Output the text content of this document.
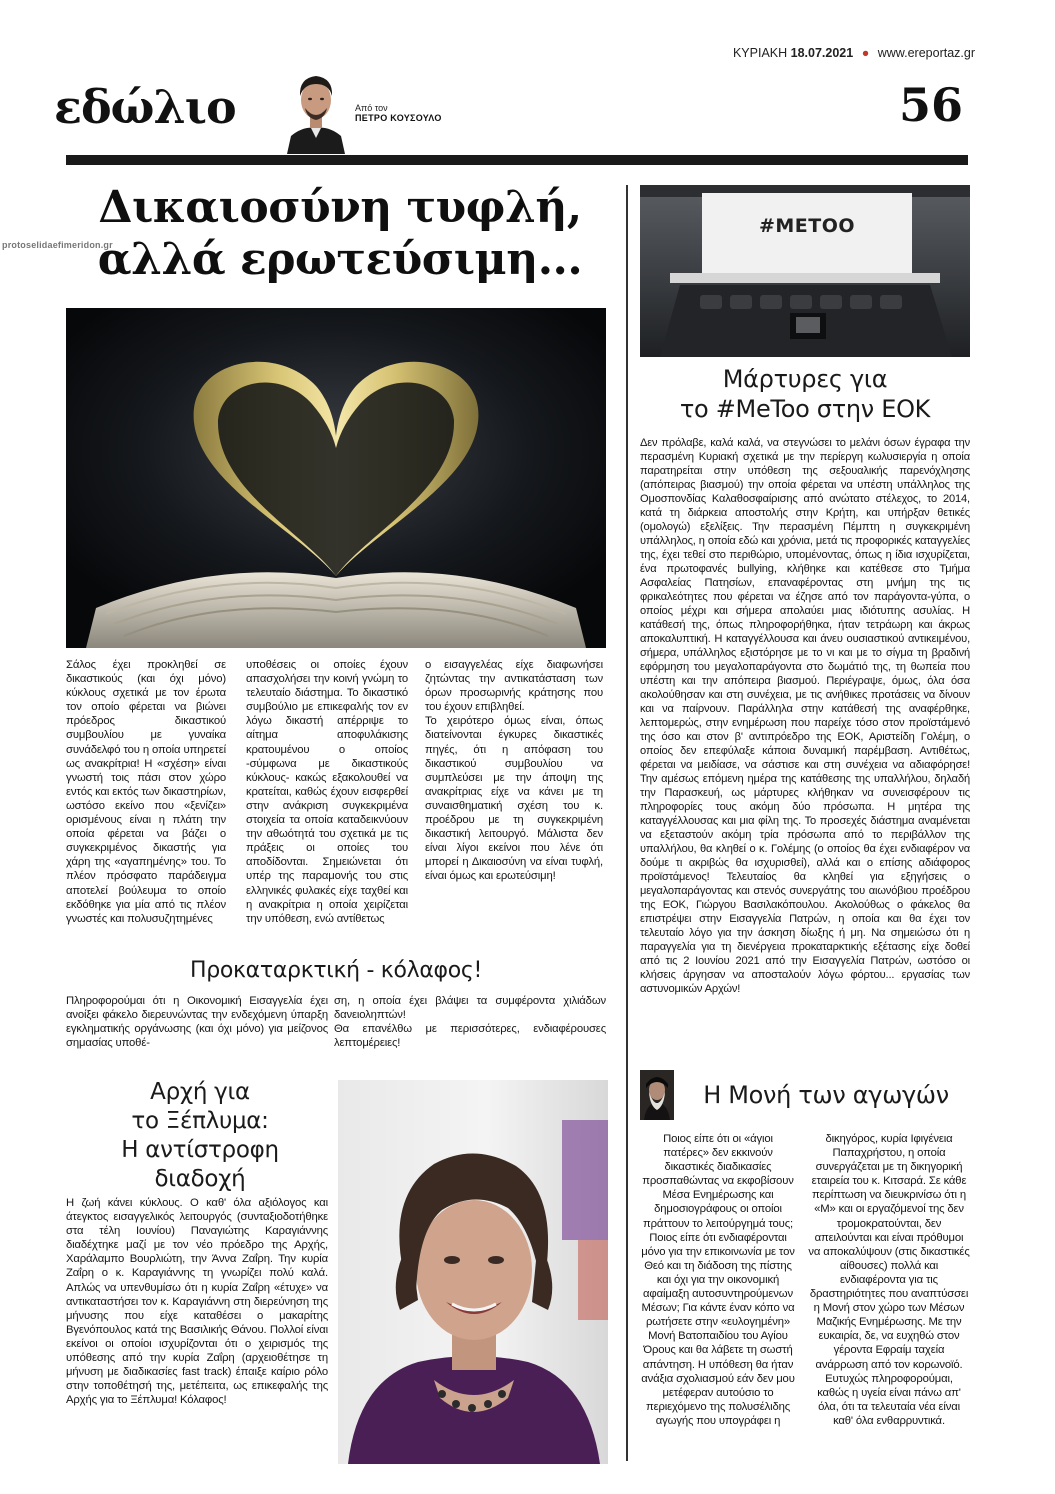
protoselidaefimeridon.gr
ΚΥΡΙΑΚΗ 18.07.2021 ● www.ereportaz.gr
εδώλιο	Από τον
ΠΕΤΡΟ ΚΟΥΣΟΥΛΟ	56
Δικαιοσύνη τυφλή,
αλλά ερωτεύσιμη...

Σάλος έχει προκληθεί σε δικαστικούς (και όχι μόνο) κύκλους σχετικά με τον έρωτα τον οποίο φέρεται να βιώνει πρόεδρος δικαστικού συμβουλίου με γυναίκα συνάδελφό του η οποία υπηρετεί ως ανακρίτρια! Η «σχέση» είναι γνωστή τοις πάσι στον χώρο εντός και εκτός των δικαστηρίων, ωστόσο εκείνο που «ξενίζει» ορισμένους είναι η πλάτη την οποία φέρεται να βάζει ο συγκεκριμένος δικαστής για χάρη της «αγαπημένης» του. Το πλέον πρόσφατο παράδειγμα αποτελεί βούλευμα το οποίο εκδόθηκε για μία από τις πλέον γνωστές και πολυσυζητημένες

υποθέσεις οι οποίες έχουν απασχολήσει την κοινή γνώμη το τελευταίο διάστημα. Το δικαστικό συμβούλιο με επικεφαλής τον εν λόγω δικαστή απέρριψε το αίτημα αποφυλάκισης κρατουμένου ο οποίος -σύμφωνα με δικαστικούς κύκλους- κακώς εξακολουθεί να κρατείται, καθώς έχουν εισφερθεί στην ανάκριση συγκεκριμένα στοιχεία τα οποία καταδεικνύουν την αθωότητά του σχετικά με τις πράξεις οι οποίες του αποδίδονται. Σημειώνεται ότι υπέρ της παραμονής του στις ελληνικές φυλακές είχε ταχθεί και η ανακρίτρια η οποία χειρίζεται την υπόθεση, ενώ αντίθετως

ο εισαγγελέας είχε διαφωνήσει ζητώντας την αντικατάσταση των όρων προσωρινής κράτησης που του έχουν επιβληθεί.

Το χειρότερο όμως είναι, όπως διατείνονται έγκυρες δικαστικές πηγές, ότι η απόφαση του δικαστικού συμβουλίου να συμπλεύσει με την άποψη της ανακρίτριας είχε να κάνει με τη συναισθηματική σχέση του κ. προέδρου με τη συγκεκριμένη δικαστική λειτουργό. Μάλιστα δεν είναι λίγοι εκείνοι που λένε ότι μπορεί η Δικαιοσύνη να είναι τυφλή, είναι όμως και ερωτεύσιμη!

Προκαταρκτική - κόλαφος!

Πληροφορούμαι ότι η Οικονομική Εισαγγελία έχει ανοίξει φάκελο διερευνώντας την ενδεχόμενη ύπαρξη εγκληματικής οργάνωσης (και όχι μόνο) για μείζονος σημασίας υποθέ-

ση, η οποία έχει βλάψει τα συμφέροντα χιλιάδων δανειοληπτών!

Θα επανέλθω με περισσότερες, ενδιαφέρουσες λεπτομέρειες!

Αρχή για
το Ξέπλυμα:
Η αντίστροφη
διαδοχή

Η ζωή κάνει κύκλους. Ο καθ' όλα αξιόλογος και άτεγκτος εισαγγελικός λειτουργός (συνταξιοδοτήθηκε στα τέλη Ιουνίου) Παναγιώτης Καραγιάννης διαδέχτηκε μαζί με τον νέο πρόεδρο της Αρχής, Χαράλαμπο Βουρλιώτη, την Άννα Ζαΐρη. Την κυρία Ζαΐρη ο κ. Καραγιάννης τη γνωρίζει πολύ καλά. Απλώς να υπενθυμίσω ότι η κυρία Ζαΐρη «έτυχε» να αντικαταστήσει τον κ. Καραγιάννη στη διερεύνηση της μήνυσης που είχε καταθέσει ο μακαρίτης Βγενόπουλος κατά της Βασιλικής Θάνου. Πολλοί είναι εκείνοι οι οποίοι ισχυρίζονται ότι ο χειρισμός της υπόθεσης από την κυρία Ζαΐρη (αρχειοθέτησε τη μήνυση με διαδικασίες fast track) έπαιξε καίριο ρόλο στην τοποθέτησή της, μετέπειτα, ως επικεφαλής της Αρχής για το Ξέπλυμα! Κόλαφος!

#METOO
Μάρτυρες για
το #MeToo στην ΕΟΚ

Δεν πρόλαβε, καλά καλά, να στεγνώσει το μελάνι όσων έγραφα την περασμένη Κυριακή σχετικά με την περίεργη κωλυσιεργία η οποία παρατηρείται στην υπόθεση της σεξουαλικής παρενόχλησης (απόπειρας βιασμού) την οποία φέρεται να υπέστη υπάλληλος της Ομοσπονδίας Καλαθοσφαίρισης από ανώτατο στέλεχος, το 2014, κατά τη διάρκεια αποστολής στην Κρήτη, και υπήρξαν θετικές (ομολογώ) εξελίξεις. Την περασμένη Πέμπτη η συγκεκριμένη υπάλληλος, η οποία εδώ και χρόνια, μετά τις προφορικές καταγγελίες της, έχει τεθεί στο περιθώριο, υπομένοντας, όπως η ίδια ισχυρίζεται, ένα πρωτοφανές bullying, κλήθηκε και κατέθεσε στο Τμήμα Ασφαλείας Πατησίων, επαναφέροντας στη μνήμη της τις φρικαλεότητες που φέρεται να έζησε από τον παράγοντα-γύπα, ο οποίος μέχρι και σήμερα απολαύει μιας ιδιότυπης ασυλίας. Η κατάθεσή της, όπως πληροφορήθηκα, ήταν τετράωρη και άκρως αποκαλυπτική. Η καταγγέλλουσα και άνευ ουσιαστικού αντικειμένου, σήμερα, υπάλληλος εξιστόρησε με το νι και με το σίγμα τη βραδινή εφόρμηση του μεγαλοπαράγοντα στο δωμάτιό της, τη θωπεία που υπέστη και την απόπειρα βιασμού. Περιέγραψε, όμως, όλα όσα ακολούθησαν και στη συνέχεια, με τις ανήθικες προτάσεις να δίνουν και να παίρνουν. Παράλληλα στην κατάθεσή της αναφέρθηκε, λεπτομερώς, στην ενημέρωση που παρείχε τόσο στον προϊστάμενό της όσο και στον β' αντιπρόεδρο της ΕΟΚ, Αριστείδη Γολέμη, ο οποίος δεν επεφύλαξε κάποια δυναμική παρέμβαση. Αντιθέτως, φέρεται να μειδίασε, να σάστισε και στη συνέχεια να αδιαφόρησε! Την αμέσως επόμενη ημέρα της κατάθεσης της υπαλλήλου, δηλαδή την Παρασκευή, ως μάρτυρες κλήθηκαν να συνεισφέρουν τις πληροφορίες τους ακόμη δύο πρόσωπα. Η μητέρα της καταγγέλλουσας και μια φίλη της. Το προσεχές διάστημα αναμένεται να εξεταστούν ακόμη τρία πρόσωπα από το περιβάλλον της υπαλλήλου, θα κληθεί ο κ. Γολέμης (ο οποίος θα έχει ενδιαφέρον να δούμε τι ακριβώς θα ισχυρισθεί), αλλά και ο επίσης αδιάφορος προϊστάμενος! Τελευταίος θα κληθεί για εξηγήσεις ο μεγαλοπαράγοντας και στενός συνεργάτης του αιωνόβιου προέδρου της ΕΟΚ, Γιώργου Βασιλακόπουλου. Ακολούθως ο φάκελος θα επιστρέψει στην Εισαγγελία Πατρών, η οποία και θα έχει τον τελευταίο λόγο για την άσκηση δίωξης ή μη. Να σημειώσω ότι η παραγγελία για τη διενέργεια προκαταρκτικής εξέτασης είχε δοθεί από τις 2 Ιουνίου 2021 από την Εισαγγελία Πατρών, ωστόσο οι κλήσεις άργησαν να αποσταλούν λόγω φόρτου... εργασίας των αστυνομικών Αρχών!

Η Μονή των αγωγών

Ποιος είπε ότι οι «άγιοι πατέρες» δεν εκκινούν δικαστικές διαδικασίες προσπαθώντας να εκφοβίσουν Μέσα Ενημέρωσης και δημοσιογράφους οι οποίοι πράττουν το λειτούργημά τους; Ποιος είπε ότι ενδιαφέρονται μόνο για την επικοινωνία με τον Θεό και τη διάδοση της πίστης και όχι για την οικονομική αφαίμαξη αυτοσυντηρούμενων Μέσων; Για κάντε έναν κόπο να ρωτήσετε στην «ευλογημένη» Μονή Βατοπαιδίου του Αγίου Όρους και θα λάβετε τη σωστή απάντηση. Η υπόθεση θα ήταν ανάξια σχολιασμού εάν δεν μου μετέφεραν αυτούσιο το περιεχόμενο της πολυσέλιδης αγωγής που υπογράφει η

δικηγόρος, κυρία Ιφιγένεια Παπαχρήστου, η οποία συνεργάζεται με τη δικηγορική εταιρεία του κ. Κιτσαρά. Σε κάθε περίπτωση να διευκρινίσω ότι η «Μ» και οι εργαζόμενοί της δεν τρομοκρατούνται, δεν απειλούνται και είναι πρόθυμοι να αποκαλύψουν (στις δικαστικές αίθουσες) πολλά και ενδιαφέροντα για τις δραστηριότητες που αναπτύσσει η Μονή στον χώρο των Μέσων Μαζικής Ενημέρωσης. Με την ευκαιρία, δε, να ευχηθώ στον γέροντα Εφραίμ ταχεία ανάρρωση από τον κορωνοϊό. Ευτυχώς πληροφορούμαι, καθώς η υγεία είναι πάνω απ' όλα, ότι τα τελευταία νέα είναι καθ' όλα ενθαρρυντικά.
